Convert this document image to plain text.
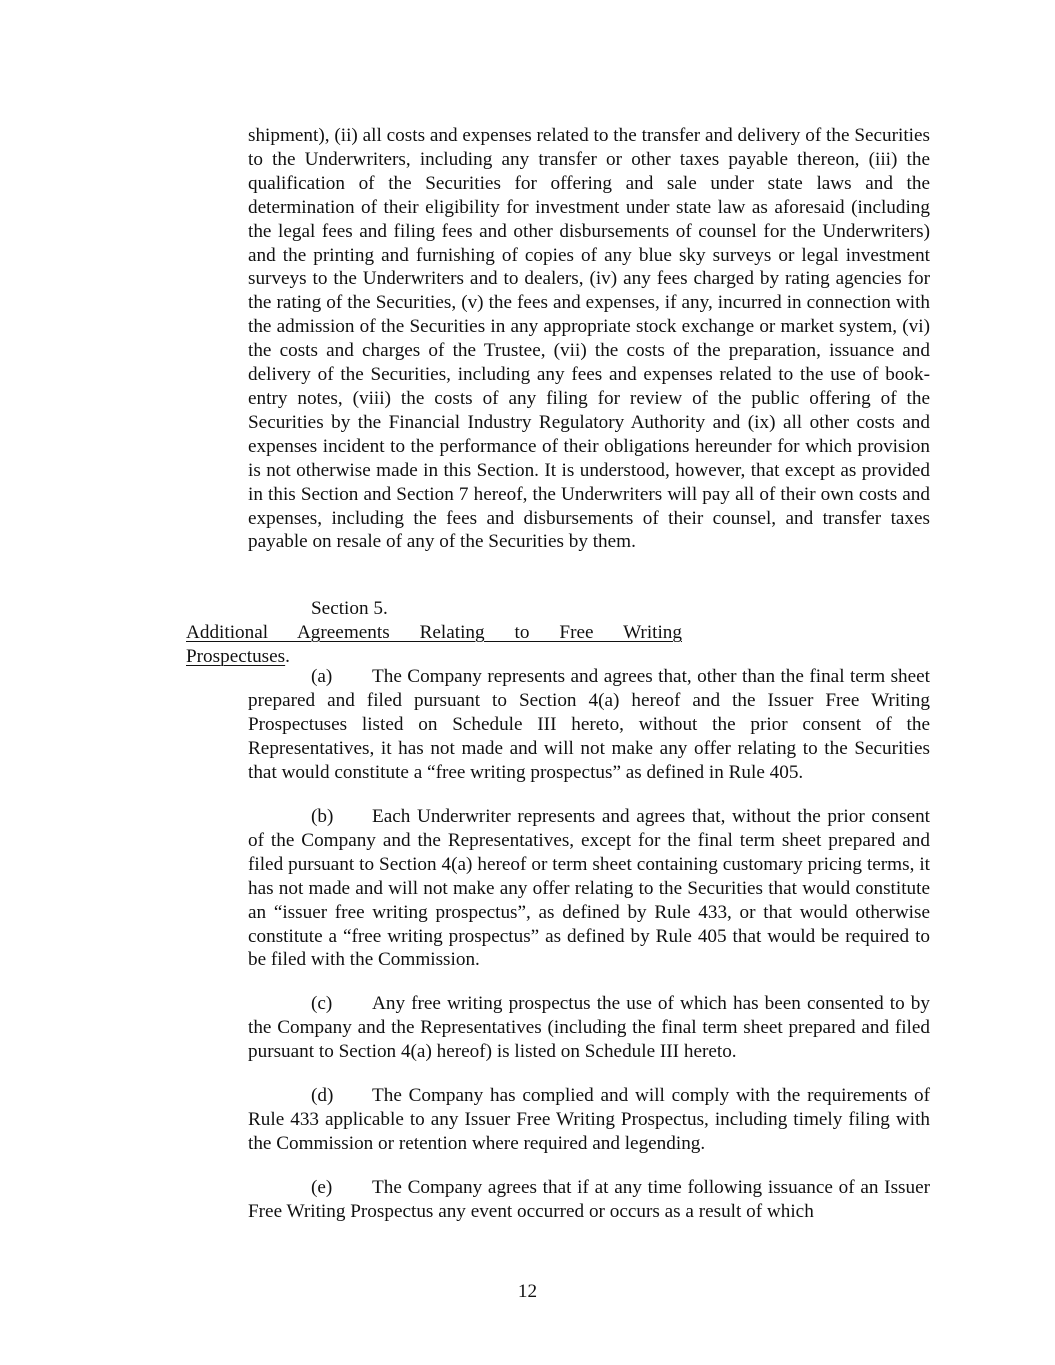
shipment), (ii) all costs and expenses related to the transfer and delivery of the Securities to the Underwriters, including any transfer or other taxes payable thereon, (iii) the qualification of the Securities for offering and sale under state laws and the determination of their eligibility for investment under state law as aforesaid (including the legal fees and filing fees and other disbursements of counsel for the Underwriters) and the printing and furnishing of copies of any blue sky surveys or legal investment surveys to the Underwriters and to dealers, (iv) any fees charged by rating agencies for the rating of the Securities, (v) the fees and expenses, if any, incurred in connection with the admission of the Securities in any appropriate stock exchange or market system, (vi) the costs and charges of the Trustee, (vii) the costs of the preparation, issuance and delivery of the Securities, including any fees and expenses related to the use of book-entry notes, (viii) the costs of any filing for review of the public offering of the Securities by the Financial Industry Regulatory Authority and (ix) all other costs and expenses incident to the performance of their obligations hereunder for which provision is not otherwise made in this Section. It is understood, however, that except as provided in this Section and Section 7 hereof, the Underwriters will pay all of their own costs and expenses, including the fees and disbursements of their counsel, and transfer taxes payable on resale of any of the Securities by them.

Section 5.Additional Agreements Relating to Free Writing
Prospectuses.

(a) The Company represents and agrees that, other than the final term sheet prepared and filed pursuant to Section 4(a) hereof and the Issuer Free Writing Prospectuses listed on Schedule III hereto, without the prior consent of the Representatives, it has not made and will not make any offer relating to the Securities that would constitute a “free writing prospectus” as defined in Rule 405.

(b) Each Underwriter represents and agrees that, without the prior consent of the Company and the Representatives, except for the final term sheet prepared and filed pursuant to Section 4(a) hereof or term sheet containing customary pricing terms, it has not made and will not make any offer relating to the Securities that would constitute an “issuer free writing prospectus”, as defined by Rule 433, or that would otherwise constitute a “free writing prospectus” as defined by Rule 405 that would be required to be filed with the Commission.

(c) Any free writing prospectus the use of which has been consented to by the Company and the Representatives (including the final term sheet prepared and filed pursuant to Section 4(a) hereof) is listed on Schedule III hereto.

(d) The Company has complied and will comply with the requirements of Rule 433 applicable to any Issuer Free Writing Prospectus, including timely filing with the Commission or retention where required and legending.

(e) The Company agrees that if at any time following issuance of an Issuer Free Writing Prospectus any event occurred or occurs as a result of which

12
